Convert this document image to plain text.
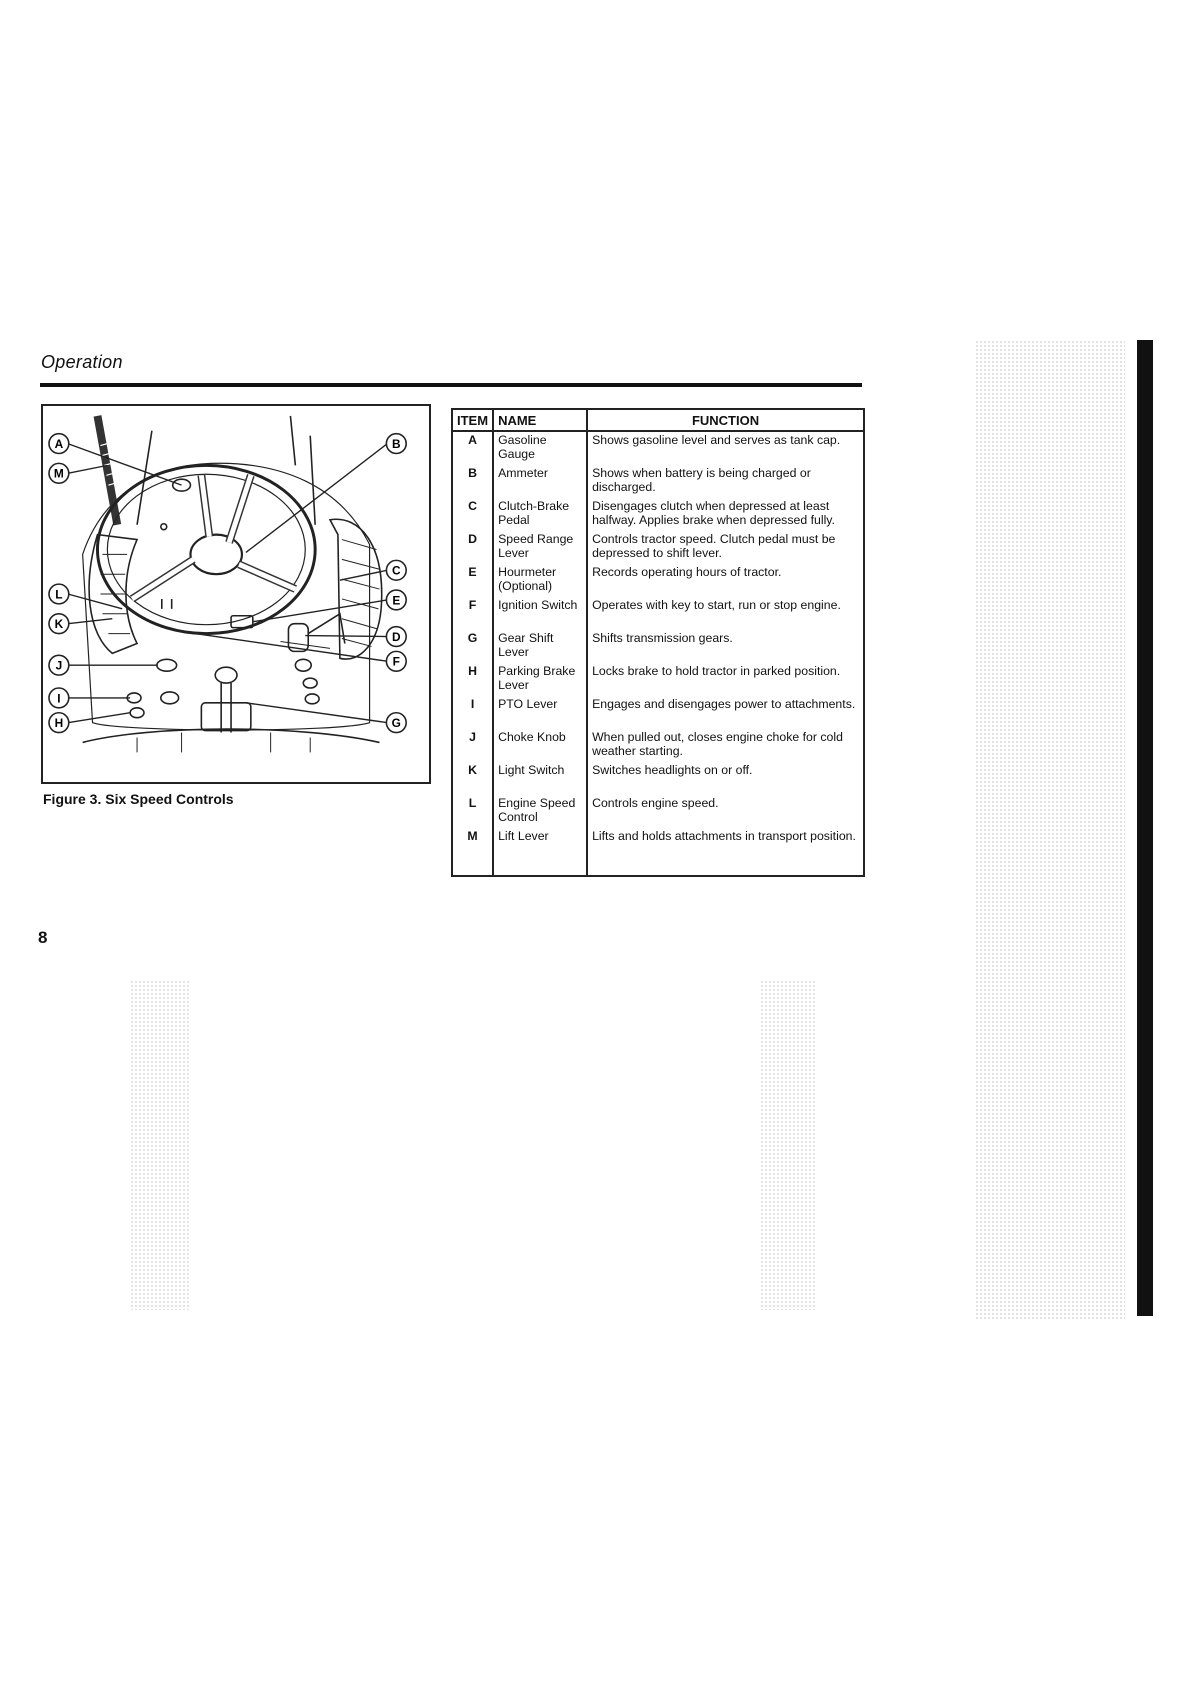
Operation
A	B
C
D
E
F
G
H
I
J
K
L
M
Figure 3. Six Speed Controls
ITEM	NAME	FUNCTION
A	Gasoline Gauge	Shows gasoline level and serves as tank cap.
B	Ammeter	Shows when battery is being charged or discharged.
C	Clutch-Brake Pedal	Disengages clutch when depressed at least halfway. Applies brake when depressed fully.
D	Speed Range Lever	Controls tractor speed. Clutch pedal must be depressed to shift lever.
E	Hourmeter (Optional)	Records operating hours of tractor.
F	Ignition Switch	Operates with key to start, run or stop engine.
G	Gear Shift Lever	Shifts transmission gears.
H	Parking Brake Lever	Locks brake to hold tractor in parked position.
I	PTO Lever	Engages and disengages power to attachments.
J	Choke Knob	When pulled out, closes engine choke for cold weather starting.
K	Light Switch	Switches headlights on or off.
L	Engine Speed Control	Controls engine speed.
M	Lift Lever	Lifts and holds attachments in transport position.
8
